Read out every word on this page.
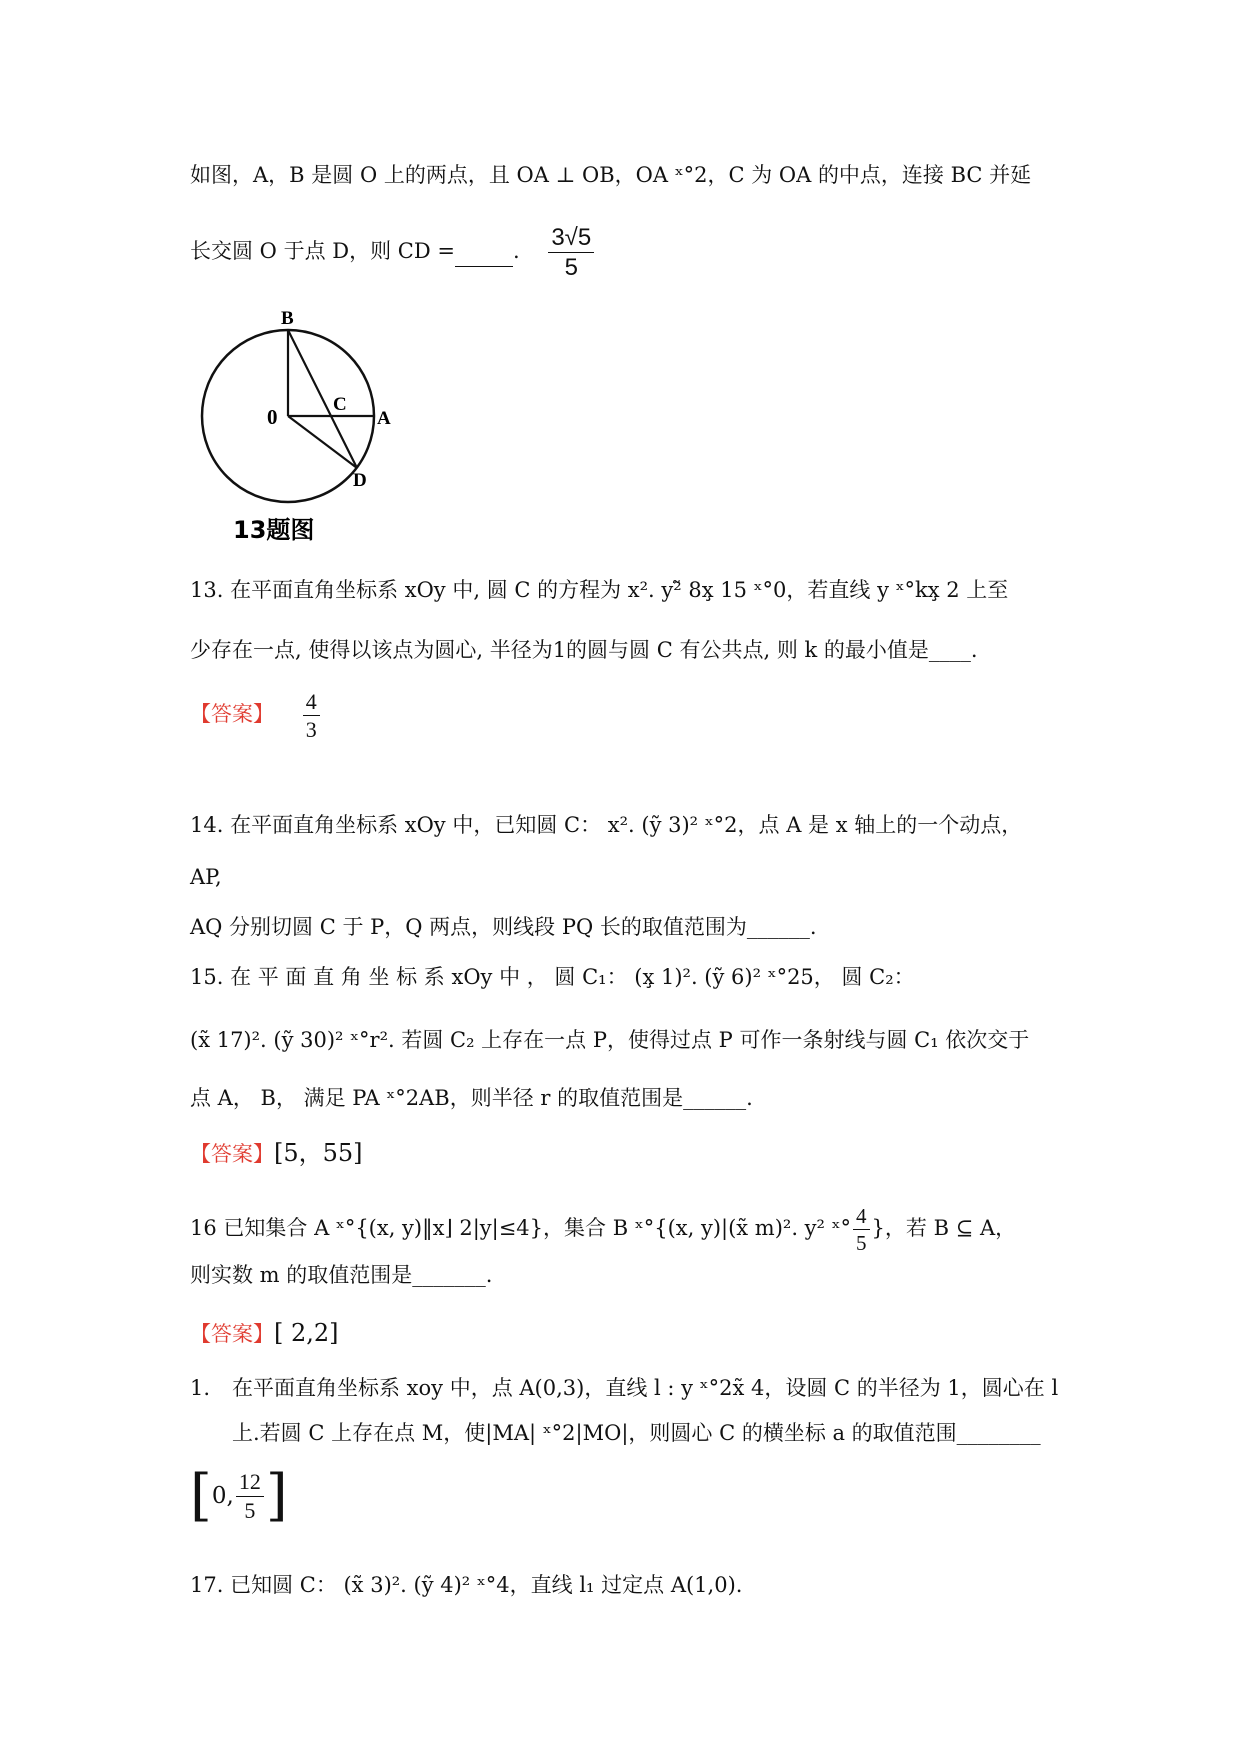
如图，A，B 是圆 O 上的两点，且 OA ⊥ OB，OA ˣ°2，C 为 OA 的中点，连接 BC 并延
长交圆 O 于点 D，则 CD =	. $\frac{3√5}{5}$
B
0
C
A
D
13题图
13. 在平面直角坐标系 xOy 中, 圆 C 的方程为 x². y²̃ 8x̧ 15 ˣ°0，若直线 y ˣ°kx̧ 2 上至
少存在一点, 使得以该点为圆心, 半径为1的圆与圆 C 有公共点, 则 k 的最小值是____.
【答案】 $\frac{4}{3}$
14. 在平面直角坐标系 xOy 中，已知圆 C： x². (ỹ 3)² ˣ°2，点 A 是 x 轴上的一个动点，
AP,
AQ 分别切圆 C 于 P，Q 两点，则线段 PQ 长的取值范围为______.
15. 在 平 面 直 角 坐 标 系 xOy 中 ， 圆 C₁： (x̧ 1)². (ỹ 6)² ˣ°25， 圆 C₂：
(x̃ 17)². (ỹ 30)² ˣ°r². 若圆 C₂ 上存在一点 P，使得过点 P 可作一条射线与圆 C₁ 依次交于
点 A， B， 满足 PA ˣ°2AB，则半径 r 的取值范围是______.
【答案】[5，55]
16 已知集合 A ˣ°{(x, y)‖x⌋ 2|y|≤4}，集合 B ˣ°{(x, y)|(x̃ m)². y² ˣ° $\frac{4}{5}$ }，若 B ⊆ A，
则实数 m 的取值范围是_______.
【答案】[ 2,2]
1. 在平面直角坐标系 xoy 中，点 A(0,3)，直线 l : y ˣ°2x̃ 4，设圆 C 的半径为 1，圆心在 l
上.若圆 C 上存在点 M，使|MA| ˣ°2|MO|，则圆心 C 的横坐标 a 的取值范围________
[0, $\frac{12}{5}$ ]
17. 已知圆 C： (x̃ 3)². (ỹ 4)² ˣ°4，直线 l₁ 过定点 A(1,0).
